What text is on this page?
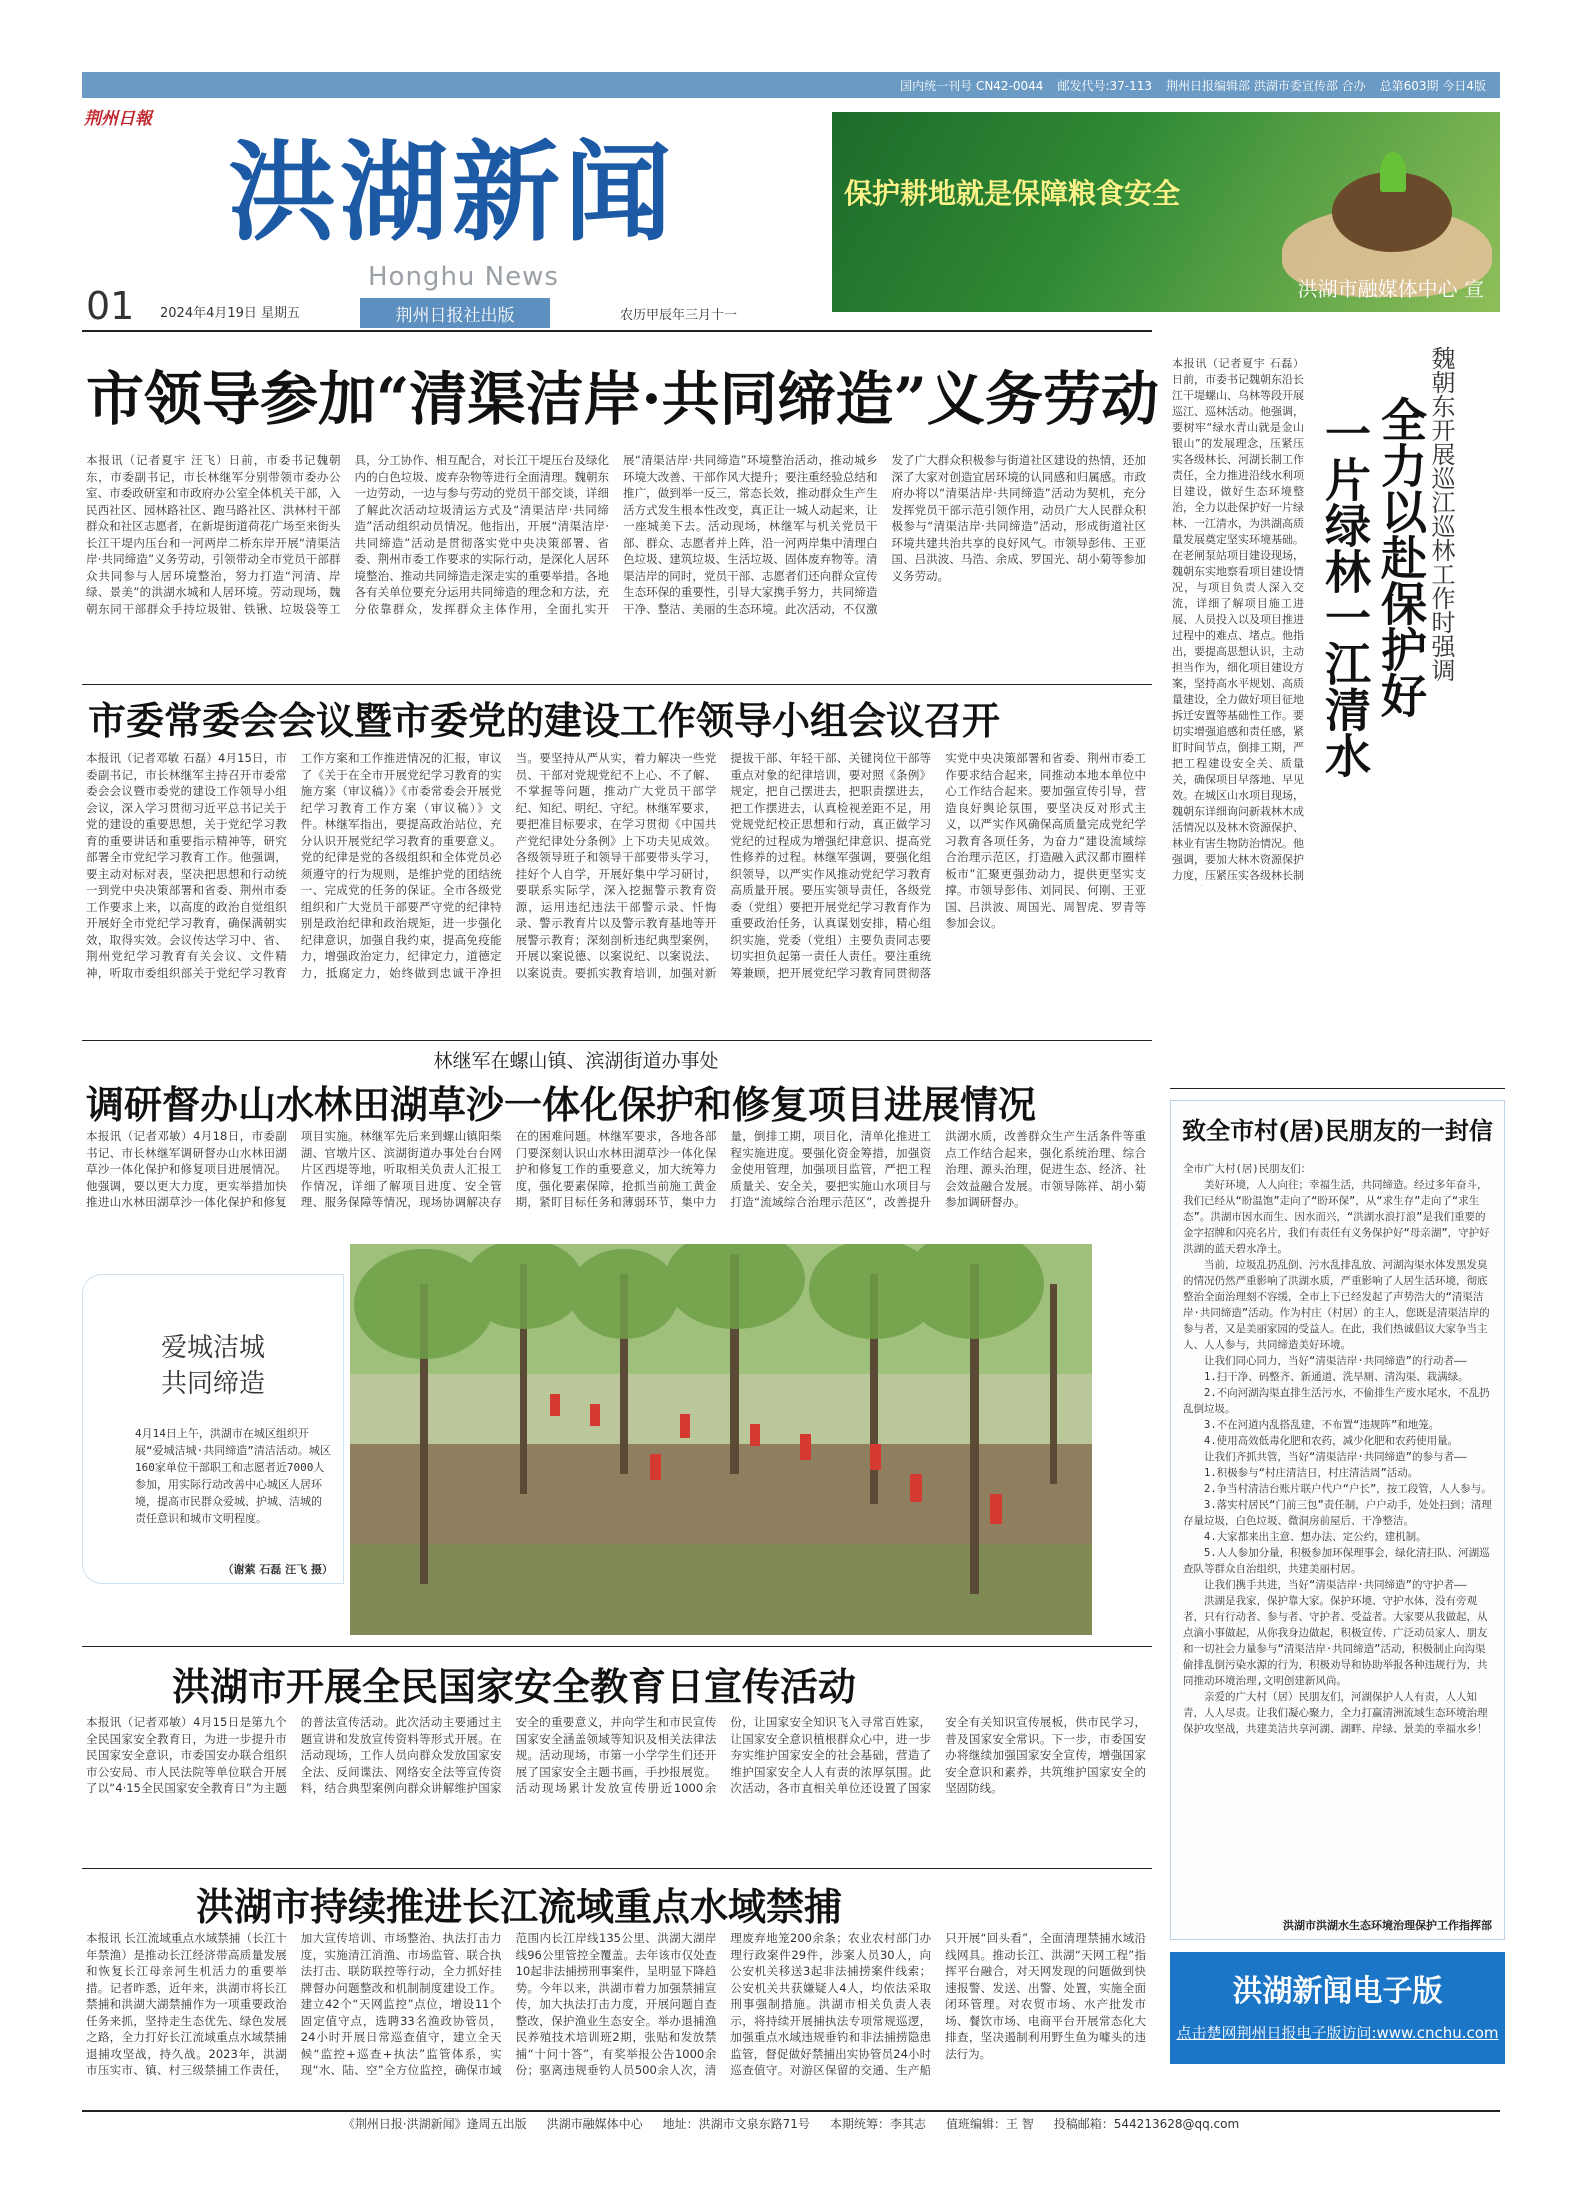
国内统一刊号 CN42-0044 邮发代号:37-113 荆州日报编辑部 洪湖市委宣传部 合办 总第603期 今日4版
荆州日報
洪湖新闻
Honghu News
保护耕地就是保障粮食安全
洪湖市融媒体中心 宣
01 2024年4月19日 星期五	荆州日报社出版	农历甲辰年三月十一
市领导参加“清渠洁岸·共同缔造”义务劳动
本报讯（记者夏宇 汪飞）日前，市委书记魏朝东，市委副书记，市长林继军分别带领市委办公室、市委政研室和市政府办公室全体机关干部，入民西社区、园林路社区、跑马路社区、洪林村干部群众和社区志愿者，在新堤街道荷花广场至来街头长江干堤内压台和一河两岸二桥东岸开展“清渠洁岸·共同缔造”义务劳动，引领带动全市党员干部群众共同参与人居环境整治，努力打造“河清、岸绿、景美”的洪湖水城和人居环境。劳动现场，魏朝东同干部群众手持垃圾钳、铁锹、垃圾袋等工具，分工协作、相互配合，对长江干堤压台及绿化内的白色垃圾、废弃杂物等进行全面清理。魏朝东一边劳动，一边与参与劳动的党员干部交谈，详细了解此次活动垃圾清运方式及“清渠洁岸·共同缔造”活动组织动员情况。他指出，开展“清渠洁岸·共同缔造”活动是贯彻落实党中央决策部署、省委、荆州市委工作要求的实际行动，是深化人居环境整治、推动共同缔造走深走实的重要举措。各地各有关单位要充分运用共同缔造的理念和方法，充分依靠群众，发挥群众主体作用，全面扎实开展“清渠洁岸·共同缔造”环境整治活动，推动城乡环境大改善、干部作风大提升；要注重经验总结和推广，做到举一反三，常态长效，推动群众生产生活方式发生根本性改变，真正让一城人动起来，让一座城美下去。活动现场，林继军与机关党员干部、群众、志愿者并上阵，沿一河两岸集中清理白色垃圾、建筑垃圾、生活垃圾、固体废弃物等。清渠洁岸的同时，党员干部、志愿者们还向群众宣传生态环保的重要性，引导大家携手努力，共同缔造干净、整洁、美丽的生态环境。此次活动，不仅激发了广大群众积极参与街道社区建设的热情，还加深了大家对创造宜居环境的认同感和归属感。市政府办将以“清渠洁岸·共同缔造”活动为契机，充分发挥党员干部示范引领作用，动员广大人民群众积极参与“清渠洁岸·共同缔造”活动，形成街道社区环境共建共治共享的良好风气。市领导彭伟、王亚国、吕洪波、马浩、余成、罗国光、胡小菊等参加义务劳动。
市委常委会会议暨市委党的建设工作领导小组会议召开
本报讯（记者邓敏 石磊）4月15日，市委副书记，市长林继军主持召开市委常委会会议暨市委党的建设工作领导小组会议，深入学习贯彻习近平总书记关于党的建设的重要思想，关于党纪学习教育的重要讲话和重要指示精神等，研究部署全市党纪学习教育工作。他强调，要主动对标对表，坚决把思想和行动统一到党中央决策部署和省委、荆州市委工作要求上来，以高度的政治自觉组织开展好全市党纪学习教育，确保满朝实效，取得实效。会议传达学习中、省、荆州党纪学习教育有关会议、文件精神，听取市委组织部关于党纪学习教育工作方案和工作推进情况的汇报，审议了《关于在全市开展党纪学习教育的实施方案（审议稿）》《市委常委会开展党纪学习教育工作方案（审议稿）》文件。林继军指出，要提高政治站位，充分认识开展党纪学习教育的重要意义。党的纪律是党的各级组织和全体党员必须遵守的行为规则，是维护党的团结统一、完成党的任务的保证。全市各级党组织和广大党员干部要严守党的纪律特别是政治纪律和政治规矩，进一步强化纪律意识，加强自我约束，提高免疫能力，增强政治定力，纪律定力，道德定力，抵腐定力，始终做到忠诚干净担当。要坚持从严从实，着力解决一些党员、干部对党规党纪不上心、不了解、不掌握等问题，推动广大党员干部学纪、知纪、明纪、守纪。林继军要求，要把准目标要求，在学习贯彻《中国共产党纪律处分条例》上下功夫见成效。各级领导班子和领导干部要带头学习，挂好个人自学，开展好集中学习研讨，要联系实际学，深入挖掘警示教育资源，运用违纪违法干部警示录、忏悔录、警示教育片以及警示教育基地等开展警示教育；深刻剖析违纪典型案例，开展以案说德、以案说纪、以案说法、以案说责。要抓实教育培训，加强对新提拔干部、年轻干部、关键岗位干部等重点对象的纪律培训，要对照《条例》规定，把自己摆进去，把职责摆进去，把工作摆进去，认真检视差距不足，用党规党纪校正思想和行动，真正做学习党纪的过程成为增强纪律意识、提高党性修养的过程。林继军强调，要强化组织领导，以严实作风推动党纪学习教育高质量开展。要压实领导责任，各级党委（党组）要把开展党纪学习教育作为重要政治任务，认真谋划安排，精心组织实施，党委（党组）主要负责同志要切实担负起第一责任人责任。要注重统筹兼顾，把开展党纪学习教育同贯彻落实党中央决策部署和省委、荆州市委工作要求结合起来，同推动本地本单位中心工作结合起来。要加强宣传引导，营造良好舆论氛围，要坚决反对形式主义，以严实作风确保高质量完成党纪学习教育各项任务，为奋力“建设流域综合治理示范区，打造融入武汉都市圈样板市”汇聚更强劲动力，提供更坚实支撑。市领导彭伟、刘同民、何刚、王亚国、吕洪波、周国光、周智虎、罗青等参加会议。
林继军在螺山镇、滨湖街道办事处
调研督办山水林田湖草沙一体化保护和修复项目进展情况
本报讯（记者邓敏）4月18日，市委副书记、市长林继军调研督办山水林田湖草沙一体化保护和修复项目进展情况。他强调，要以更大力度，更实举措加快推进山水林田湖草沙一体化保护和修复项目实施。林继军先后来到螺山镇阳柴湖、官墩片区、滨湖街道办事处台台网片区西堤等地，听取相关负责人汇报工作情况，详细了解项目进度、安全管理、服务保障等情况，现场协调解决存在的困难问题。林继军要求，各地各部门要深刻认识山水林田湖草沙一体化保护和修复工作的重要意义，加大统筹力度，强化要素保障，抢抓当前施工黄金期，紧盯目标任务和薄弱环节，集中力量，倒排工期，项目化，清单化推进工程实施进度。要强化资金筹措，加强资金使用管理，加强项目监管，严把工程质量关、安全关，要把实施山水项目与打造“流域综合治理示范区”，改善提升洪湖水质，改善群众生产生活条件等重点工作结合起来，强化系统治理、综合治理、源头治理，促进生态、经济、社会效益融合发展。市领导陈祥、胡小菊参加调研督办。
爱城洁城
共同缔造
4月14日上午，洪湖市在城区组织开展“爱城洁城·共同缔造”清洁活动。城区160家单位干部职工和志愿者近7000人参加，用实际行动改善中心城区人居环境，提高市民群众爱城、护城、洁城的责任意识和城市文明程度。
（谢萦 石磊 汪飞 摄）
洪湖市开展全民国家安全教育日宣传活动
本报讯（记者邓敏）4月15日是第九个全民国家安全教育日，为进一步提升市民国家安全意识，市委国安办联合组织市公安局、市人民法院等单位联合开展了以“4·15全民国家安全教育日”为主题的普法宣传活动。此次活动主要通过主题宣讲和发放宣传资料等形式开展。在活动现场，工作人员向群众发放国家安全法、反间谍法、网络安全法等宣传资料，结合典型案例向群众讲解维护国家安全的重要意义，并向学生和市民宣传国家安全涵盖领域等知识及相关法律法规。活动现场，市第一小学学生们还开展了国家安全主题书画，手抄报展览。活动现场累计发放宣传册近1000余份，让国家安全知识飞入寻常百姓家，让国家安全意识植根群众心中，进一步夯实维护国家安全的社会基础，营造了维护国家安全人人有责的浓厚氛围。此次活动，各市直相关单位还设置了国家安全有关知识宣传展板，供市民学习，普及国家安全常识。下一步，市委国安办将继续加强国家安全宣传，增强国家安全意识和素养，共筑维护国家安全的坚固防线。
洪湖市持续推进长江流域重点水域禁捕
本报讯 长江流域重点水域禁捕（长江十年禁渔）是推动长江经济带高质量发展和恢复长江母亲河生机活力的重要举措。记者昨悉，近年来，洪湖市将长江禁捕和洪湖大湖禁捕作为一项重要政治任务来抓，坚持走生态优先、绿色发展之路，全力打好长江流域重点水域禁捕退捕攻坚战，持久战。2023年，洪湖市压实市、镇、村三级禁捕工作责任，加大宣传培训、市场整治、执法打击力度，实施清江消渔、市场监管、联合执法打击、联防联控等行动，全力抓好挂牌督办问题整改和机制制度建设工作。建立42个“天网监控”点位，增设11个固定值守点，选聘33名渔政协管员，24小时开展日常巡查值守，建立全天候“监控+巡查+执法”监管体系，实现“水、陆、空”全方位监控，确保市域范围内长江岸线135公里、洪湖大湖岸线96公里管控全覆盖。去年该市仅处查10起非法捕捞刑事案件，呈明显下降趋势。今年以来，洪湖市着力加强禁捕宣传，加大执法打击力度，开展问题自查整改，保护渔业生态安全。举办退捕渔民养殖技术培训班2期，张贴和发放禁捕“十问十答”，有奖举报公告1000余份；驱离违规垂钓人员500余人次，清理废弃地笼200余条；农业农村部门办理行政案件29件，涉案人员30人，向公安机关移送3起非法捕捞案件线索；公安机关共获嫌疑人4人，均依法采取刑事强制措施。洪湖市相关负责人表示，将持续开展捕执法专项常规巡逻，加强重点水域违规垂钓和非法捕捞隐患监管，督促做好禁捕出实协管员24小时巡查值守。对游区保留的交通、生产船只开展“回头看”，全面清理禁捕水域沿线网具。推动长江、洪湖“天网工程”指挥平台融合，对天网发现的问题做到快速报警、发送、出警、处置，实施全面闭环管理。对农贸市场、水产批发市场、餐饮市场、电商平台开展常态化大排查，坚决遏制利用野生鱼为噱头的违法行为。
魏朝东开展巡江巡林工作时强调
全力以赴保护好
一片绿林一江清水
本报讯（记者夏宇 石磊）日前，市委书记魏朝东沿长江干堤螺山、乌林等段开展巡江、巡林活动。他强调，要树牢“绿水青山就是金山银山”的发展理念，压紧压实各级林长、河湖长制工作责任，全力推进沿线水利项目建设，做好生态环境整治，全力以赴保护好一片绿林、一江清水，为洪湖高质量发展奠定坚实环境基础。在老闸泵站项目建设现场，魏朝东实地察看项目建设情况，与项目负责人深入交流，详细了解项目施工进展、人员投入以及项目推进过程中的难点、堵点。他指出，要提高思想认识，主动担当作为，细化项目建设方案，坚持高水平规划、高质量建设，全力做好项目征地拆迁安置等基础性工作。要切实增强追感和责任感，紧盯时间节点，倒排工期，严把工程建设安全关、质量关，确保项目早落地、早见效。在城区山水项目现场，魏朝东详细询问新栽林木成活情况以及林木资源保护、林业有害生物防治情况。他强调，要加大林木资源保护力度，压紧压实各级林长制
致全市村(居)民朋友的一封信
全市广大村(居)民朋友们：
　　美好环境，人人向往；幸福生活，共同缔造。经过多年奋斗，我们已经从“盼温饱”走向了“盼环保”，从“求生存”走向了“求生态”。洪湖市因水而生、因水而兴，“洪湖水浪打浪”是我们重要的金字招牌和闪亮名片，我们有责任有义务保护好“母亲湖”，守护好洪湖的蓝天碧水净土。
　　当前，垃圾乱扔乱倒、污水乱排乱放、河湖沟渠水体发黑发臭的情况仍然严重影响了洪湖水质，严重影响了人居生活环境，彻底整治全面治理刻不容缓，全市上下已经发起了声势浩大的“清渠洁岸·共同缔造”活动。作为村庄（村居）的主人，您既是清渠洁岸的参与者，又是美丽家园的受益人。在此，我们热诚倡议大家争当主人、人人参与，共同缔造美好环境。
　　让我们同心同力，当好“清渠洁岸·共同缔造”的行动者——
　　1.扫干净、码整齐、新通道、洗旱厕、清沟渠、栽满绿。
　　2.不向河湖沟渠直排生活污水，不偷排生产废水尾水，不乱扔乱倒垃圾。
　　3.不在河道内乱搭乱建，不布置“违规阵”和地笼。
　　4.使用高效低毒化肥和农药，减少化肥和农药使用量。
　　让我们齐抓共管，当好“清渠洁岸·共同缔造”的参与者——
　　1.积极参与“村庄清洁日，村庄清洁周”活动。
　　2.争当村清洁台账片联户代户“户长”，按工段管，人人参与。
　　3.落实村居民“门前三包”责任制，户户动手，处处扫到；清理存量垃圾，白色垃圾、微洞房前屋后、干净整洁。
　　4.大家都来出主意、想办法、定公约，建机制。
　　5.人人参加分量，积极参加环保理事会，绿化清扫队、河湖巡查队等群众自治组织，共建美丽村居。
　　让我们携手共进，当好“清渠洁岸·共同缔造”的守护者——
　　洪湖是我家，保护靠大家。保护环境、守护水体，没有旁观者，只有行动者、参与者、守护者、受益者。大家要从我做起，从点滴小事做起，从你我身边做起，积极宣传、广泛动员家人、朋友和一切社会力量参与“清渠洁岸·共同缔造”活动，积极制止向沟渠偷排乱倒污染水源的行为，积极劝导和协助举报各种违规行为，共同推动环境治理,文明创建新风尚。
　　亲爱的广大村（居）民朋友们，河湖保护人人有责，人人知青，人人尽责。让我们凝心聚力，全力打赢清洲流域生态环境治理保护攻坚战，共建美洁共享河湖、湖畔、岸绿、景美的幸福水乡！
洪湖市洪湖水生态环境治理保护工作指挥部
洪湖新闻电子版
点击楚网荆州日报电子版访问:www.cnchu.com
《荆州日报·洪湖新闻》逢周五出版 洪湖市融媒体中心 地址：洪湖市文泉东路71号 本期统筹：李其志 值班编辑：王 智 投稿邮箱：544213628@qq.com
